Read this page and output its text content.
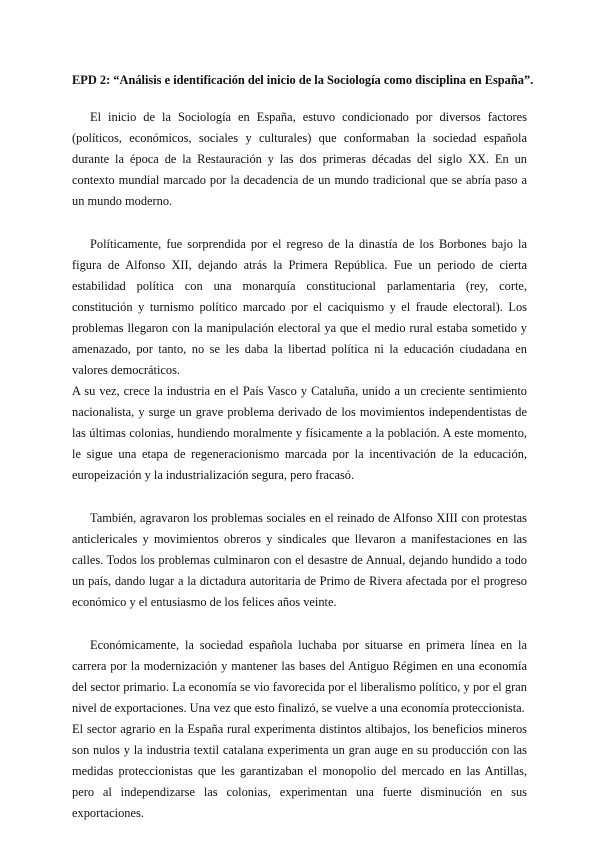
EPD 2: “Análisis e identificación del inicio de la Sociología como disciplina en España”.

El inicio de la Sociología en España, estuvo condicionado por diversos factores (políticos, económicos, sociales y culturales) que conformaban la sociedad española durante la época de la Restauración y las dos primeras décadas del siglo XX. En un contexto mundial marcado por la decadencia de un mundo tradicional que se abría paso a un mundo moderno.

Políticamente, fue sorprendida por el regreso de la dinastía de los Borbones bajo la figura de Alfonso XII, dejando atrás la Primera República. Fue un periodo de cierta estabilidad política con una monarquía constitucional parlamentaria (rey, corte, constitución y turnismo político marcado por el caciquismo y el fraude electoral). Los problemas llegaron con la manipulación electoral ya que el medio rural estaba sometido y amenazado, por tanto, no se les daba la libertad política ni la educación ciudadana en valores democráticos.

A su vez, crece la industria en el País Vasco y Cataluña, unido a un creciente sentimiento nacionalista, y surge un grave problema derivado de los movimientos independentistas de las últimas colonias, hundiendo moralmente y físicamente a la población. A este momento, le sigue una etapa de regeneracionismo marcada por la incentivación de la educación, europeización y la industrialización segura, pero fracasó.

También, agravaron los problemas sociales en el reinado de Alfonso XIII con protestas anticlericales y movimientos obreros y sindicales que llevaron a manifestaciones en las calles. Todos los problemas culminaron con el desastre de Annual, dejando hundido a todo un país, dando lugar a la dictadura autoritaria de Primo de Rivera afectada por el progreso económico y el entusiasmo de los felices años veinte.

Económicamente, la sociedad española luchaba por situarse en primera línea en la carrera por la modernización y mantener las bases del Antiguo Régimen en una economía del sector primario. La economía se vio favorecida por el liberalismo político, y por el gran nivel de exportaciones. Una vez que esto finalizó, se vuelve a una economía proteccionista.

El sector agrario en la España rural experimenta distintos altibajos, los beneficios mineros son nulos y la industria textil catalana experimenta un gran auge en su producción con las medidas proteccionistas que les garantizaban el monopolio del mercado en las Antillas, pero al independizarse las colonias, experimentan una fuerte disminución en sus exportaciones.
